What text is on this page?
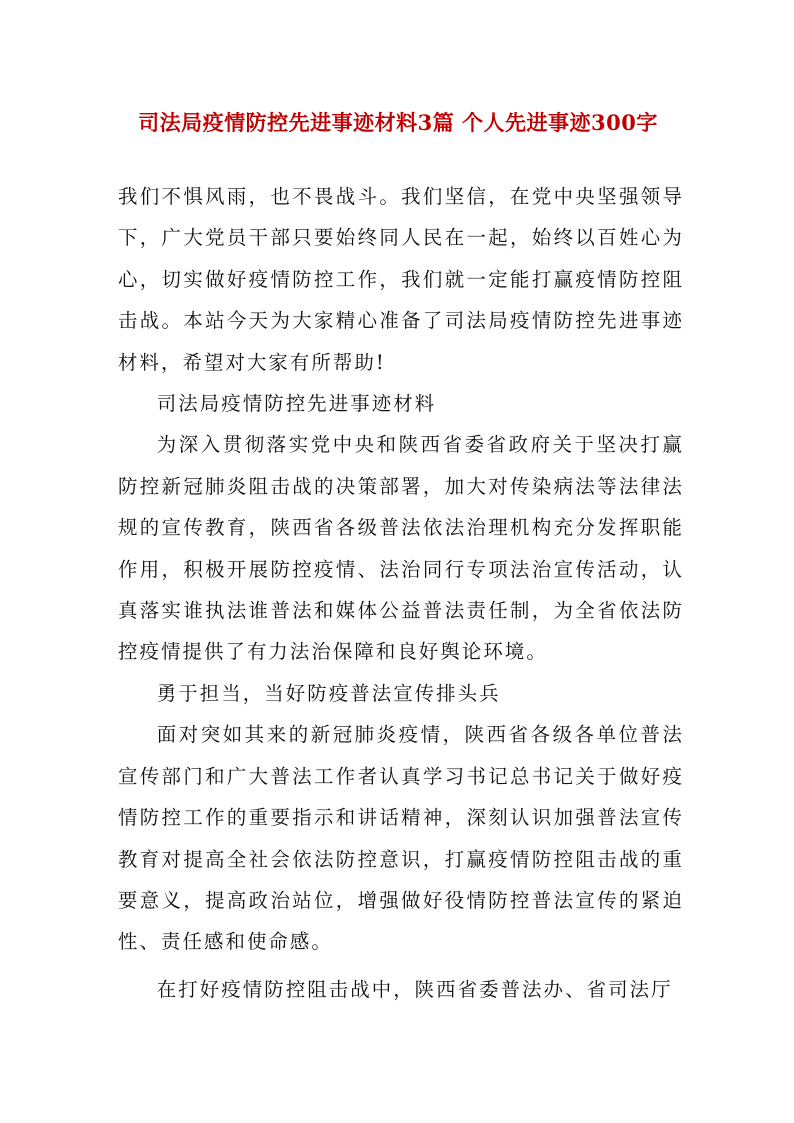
司法局疫情防控先进事迹材料3篇 个人先进事迹300字

我们不惧风雨，也不畏战斗。我们坚信，在党中央坚强领导下，广大党员干部只要始终同人民在一起，始终以百姓心为心，切实做好疫情防控工作，我们就一定能打赢疫情防控阻击战。本站今天为大家精心准备了司法局疫情防控先进事迹材料，希望对大家有所帮助!

司法局疫情防控先进事迹材料

为深入贯彻落实党中央和陕西省委省政府关于坚决打赢防控新冠肺炎阻击战的决策部署，加大对传染病法等法律法规的宣传教育，陕西省各级普法依法治理机构充分发挥职能作用，积极开展防控疫情、法治同行专项法治宣传活动，认真落实谁执法谁普法和媒体公益普法责任制，为全省依法防控疫情提供了有力法治保障和良好舆论环境。

勇于担当，当好防疫普法宣传排头兵

面对突如其来的新冠肺炎疫情，陕西省各级各单位普法宣传部门和广大普法工作者认真学习书记总书记关于做好疫情防控工作的重要指示和讲话精神，深刻认识加强普法宣传教育对提高全社会依法防控意识，打赢疫情防控阻击战的重要意义，提高政治站位，增强做好役情防控普法宣传的紧迫性、责任感和使命感。

在打好疫情防控阻击战中，陕西省委普法办、省司法厅
